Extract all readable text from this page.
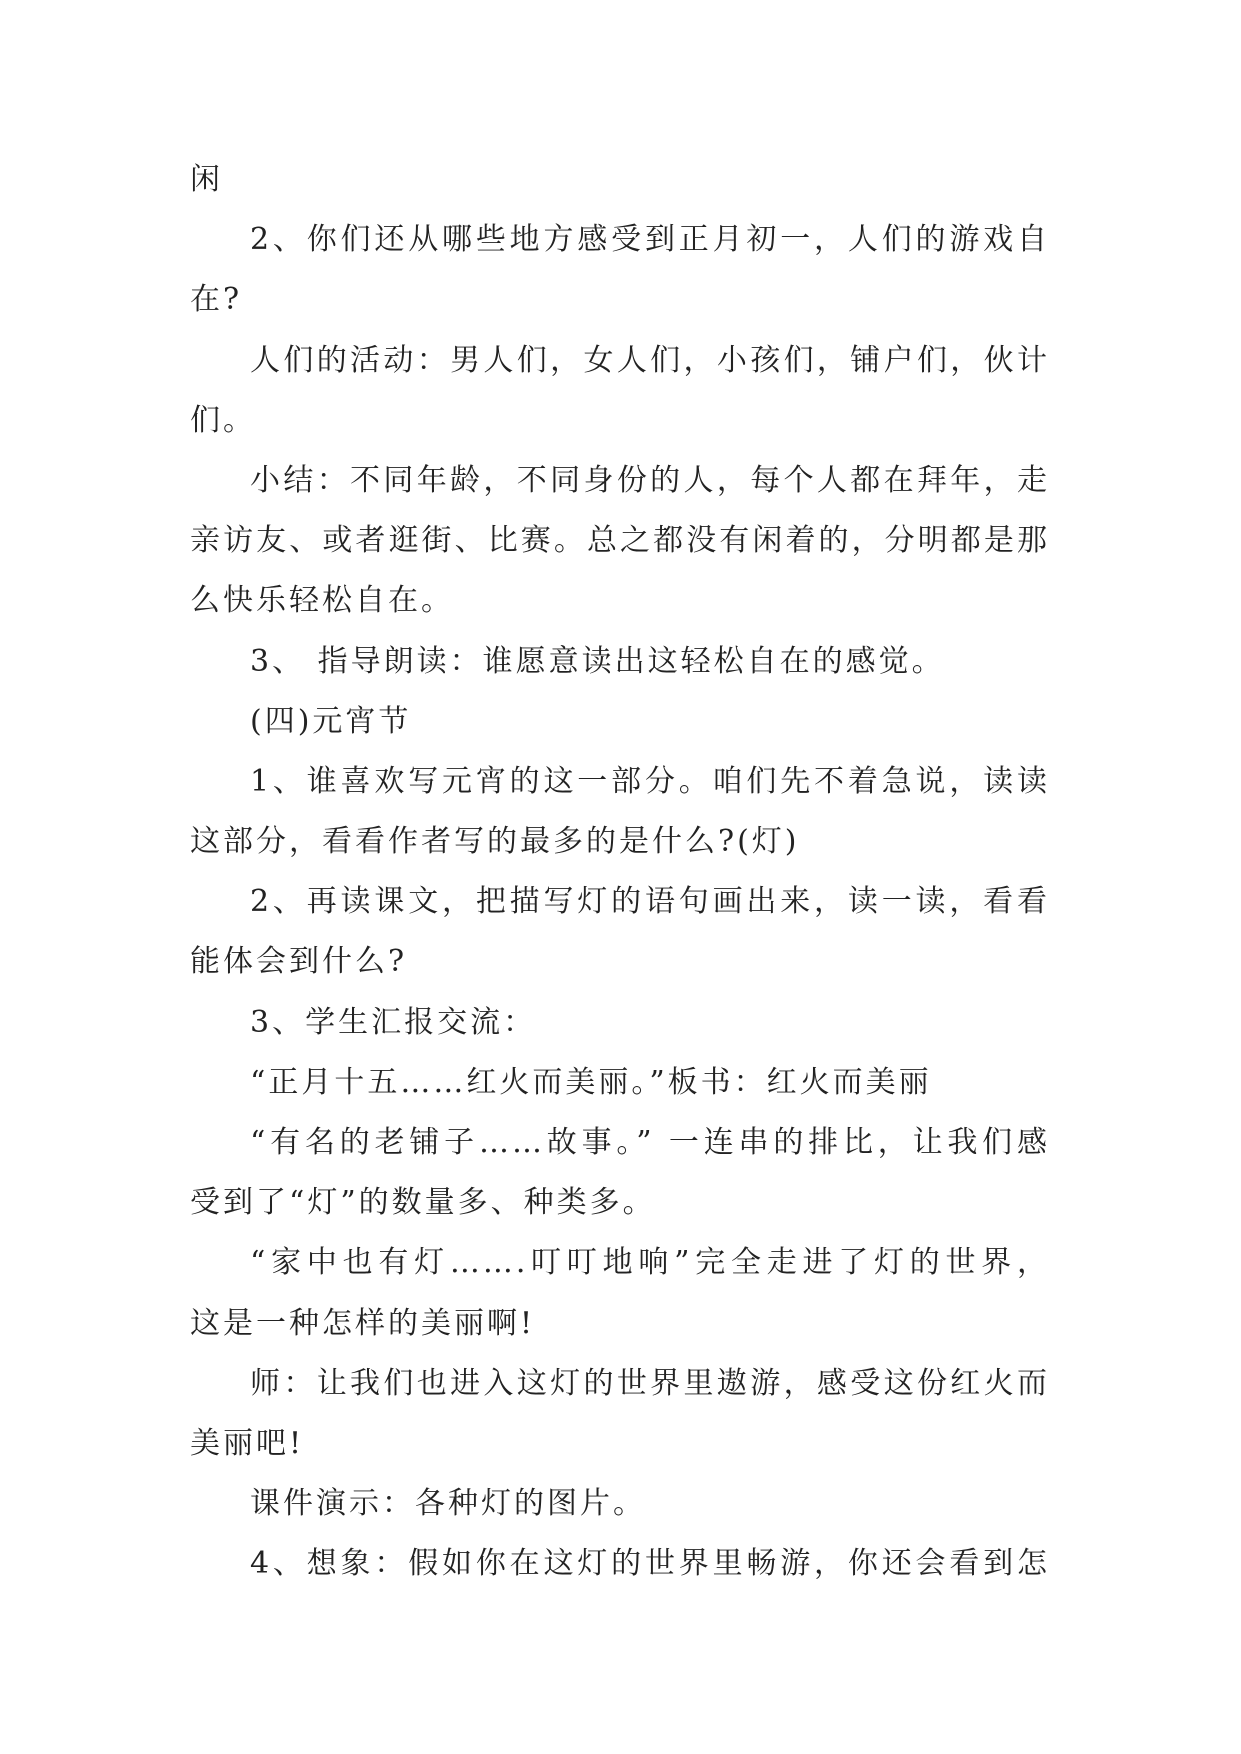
闲
2、你们还从哪些地方感受到正月初一，人们的游戏自
在?
人们的活动：男人们，女人们，小孩们，铺户们，伙计
们。
小结：不同年龄，不同身份的人，每个人都在拜年，走
亲访友、或者逛街、比赛。总之都没有闲着的，分明都是那
么快乐轻松自在。
3、 指导朗读：谁愿意读出这轻松自在的感觉。
(四)元宵节
1、谁喜欢写元宵的这一部分。咱们先不着急说，读读
这部分，看看作者写的最多的是什么?(灯)
2、再读课文，把描写灯的语句画出来，读一读，看看
能体会到什么?
3、学生汇报交流：
“正月十五……红火而美丽。”板书：红火而美丽
“有名的老铺子……故事。” 一连串的排比，让我们感
受到了“灯”的数量多、种类多。
“家中也有灯…….叮叮地响”完全走进了灯的世界，
这是一种怎样的美丽啊!
师：让我们也进入这灯的世界里遨游，感受这份红火而
美丽吧!
课件演示：各种灯的图片。
4、想象：假如你在这灯的世界里畅游，你还会看到怎
